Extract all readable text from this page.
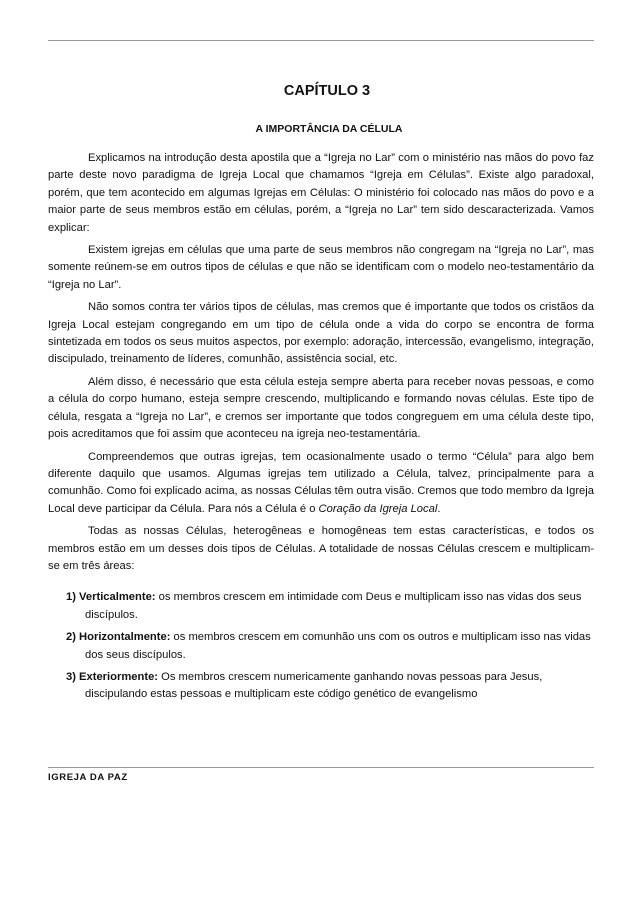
CAPÍTULO 3
A IMPORTÂNCIA DA CÉLULA

Explicamos na introdução desta apostila que a “Igreja no Lar” com o ministério nas mãos do povo faz parte deste novo paradigma de Igreja Local que chamamos “Igreja em Células”. Existe algo paradoxal, porém, que tem acontecido em algumas Igrejas em Células: O ministério foi colocado nas mãos do povo e a maior parte de seus membros estão em células, porém, a “Igreja no Lar” tem sido descaracterizada. Vamos explicar:

Existem igrejas em células que uma parte de seus membros não congregam na “Igreja no Lar”, mas somente reúnem-se em outros tipos de células e que não se identificam com o modelo neo-testamentário da “Igreja no Lar”.

Não somos contra ter vários tipos de células, mas cremos que é importante que todos os cristãos da Igreja Local estejam congregando em um tipo de célula onde a vida do corpo se encontra de forma sintetizada em todos os seus muitos aspectos, por exemplo: adoração, intercessão, evangelismo, integração, discipulado, treinamento de líderes, comunhão, assistência social, etc.

Além disso, é necessário que esta célula esteja sempre aberta para receber novas pessoas, e como a célula do corpo humano, esteja sempre crescendo, multiplicando e formando novas células. Este tipo de célula, resgata a “Igreja no Lar”, e cremos ser importante que todos congreguem em uma célula deste tipo, pois acreditamos que foi assim que aconteceu na igreja neo-testamentária.

Compreendemos que outras igrejas, tem ocasionalmente usado o termo “Célula” para algo bem diferente daquilo que usamos. Algumas igrejas tem utilizado a Célula, talvez, principalmente para a comunhão. Como foi explicado acima, as nossas Células têm outra visão. Cremos que todo membro da Igreja Local deve participar da Célula. Para nós a Célula é o Coração da Igreja Local.

Todas as nossas Células, heterogêneas e homogêneas tem estas características, e todos os membros estão em um desses dois tipos de Células. A totalidade de nossas Células crescem e multiplicam-se em três áreas:

1) Verticalmente: os membros crescem em intimidade com Deus e multiplicam isso nas vidas dos seus discípulos.
2) Horizontalmente: os membros crescem em comunhão uns com os outros e multiplicam isso nas vidas dos seus discípulos.
3) Exteriormente: Os membros crescem numericamente ganhando novas pessoas para Jesus, discipulando estas pessoas e multiplicam este código genético de evangelismo
IGREJA DA PAZ
